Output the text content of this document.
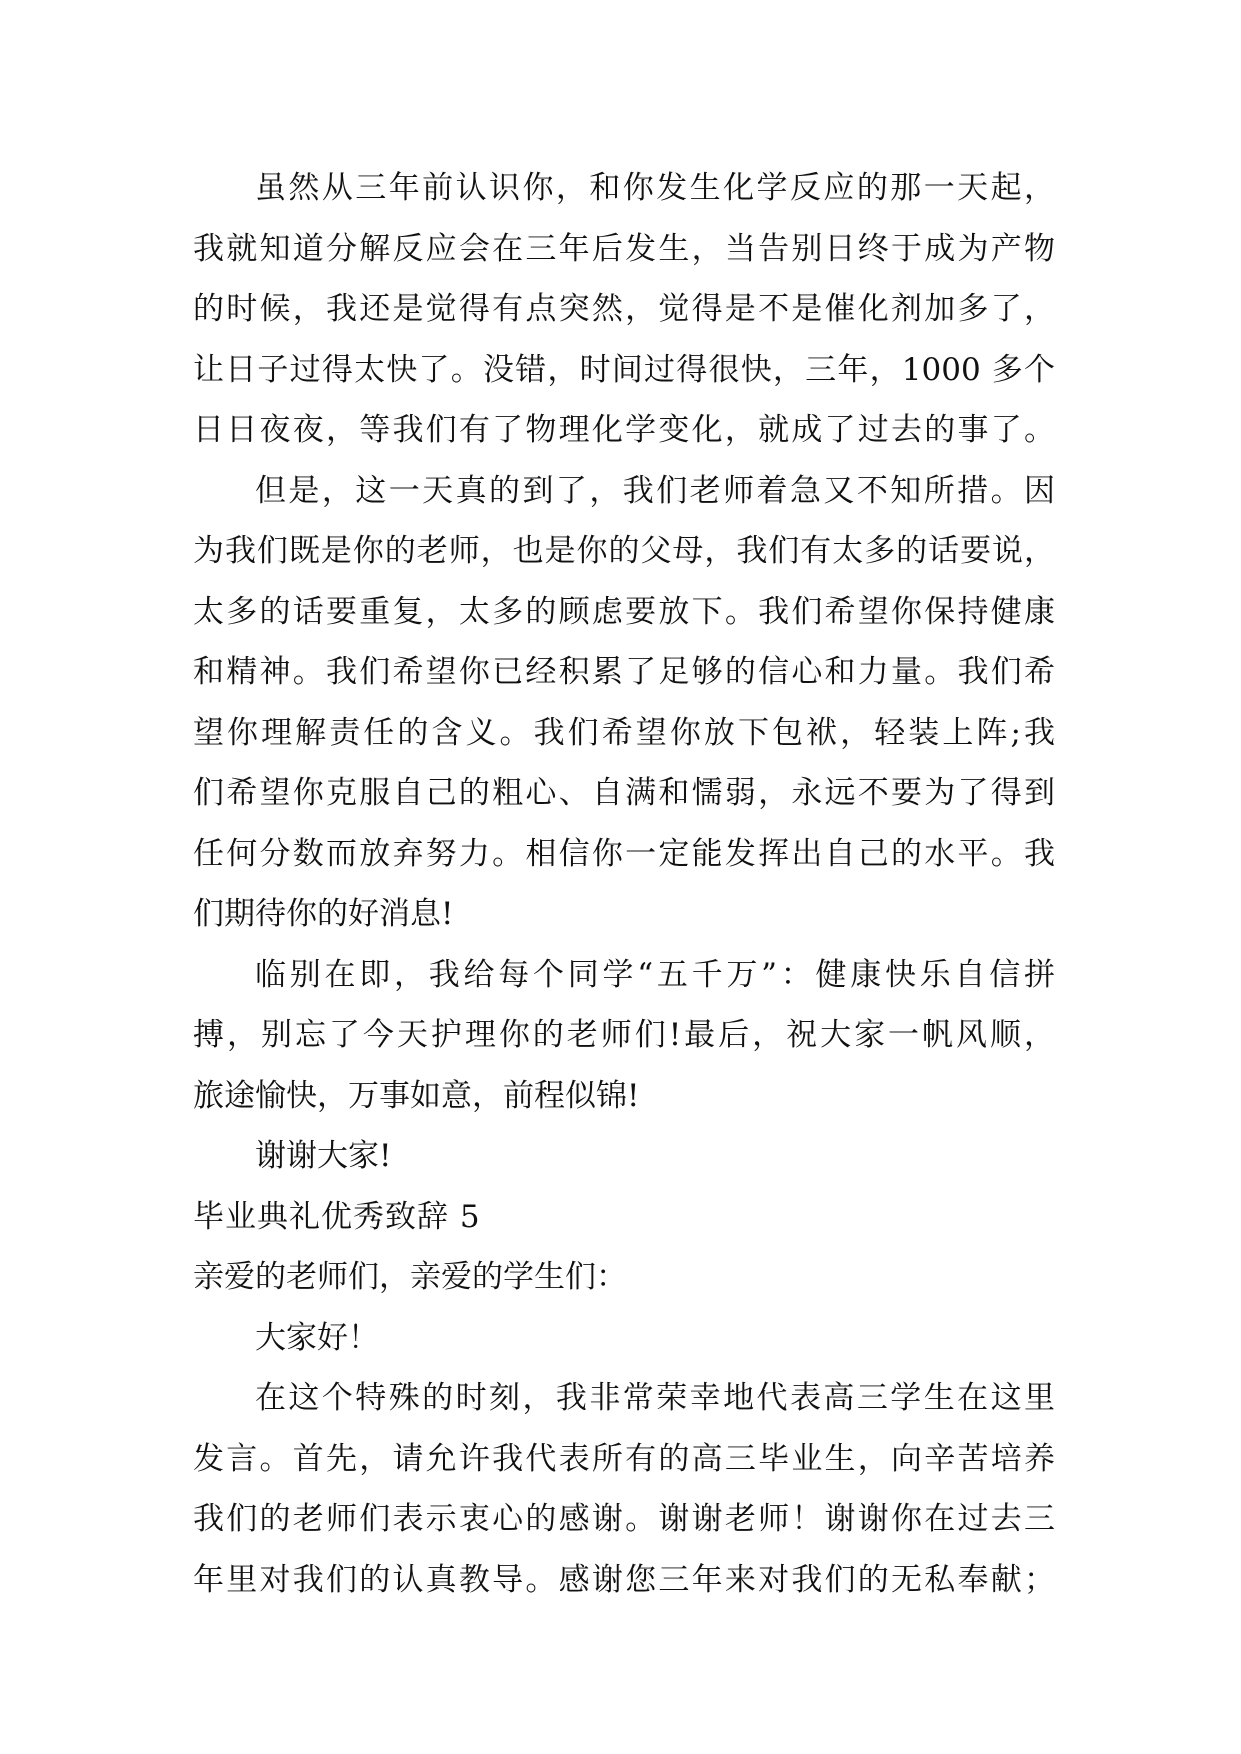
虽然从三年前认识你，和你发生化学反应的那一天起，
我就知道分解反应会在三年后发生，当告别日终于成为产物
的时候，我还是觉得有点突然，觉得是不是催化剂加多了，
让日子过得太快了。没错，时间过得很快，三年，1000 多个
日日夜夜，等我们有了物理化学变化，就成了过去的事了。
但是，这一天真的到了，我们老师着急又不知所措。因
为我们既是你的老师，也是你的父母，我们有太多的话要说，
太多的话要重复，太多的顾虑要放下。我们希望你保持健康
和精神。我们希望你已经积累了足够的信心和力量。我们希
望你理解责任的含义。我们希望你放下包袱，轻装上阵;我
们希望你克服自己的粗心、自满和懦弱，永远不要为了得到
任何分数而放弃努力。相信你一定能发挥出自己的水平。我
们期待你的好消息!
临别在即，我给每个同学“五千万”：健康快乐自信拼
搏，别忘了今天护理你的老师们!最后，祝大家一帆风顺，
旅途愉快，万事如意，前程似锦!
谢谢大家!
毕业典礼优秀致辞 5
亲爱的老师们，亲爱的学生们：
大家好！
在这个特殊的时刻，我非常荣幸地代表高三学生在这里
发言。首先，请允许我代表所有的高三毕业生，向辛苦培养
我们的老师们表示衷心的感谢。谢谢老师！谢谢你在过去三
年里对我们的认真教导。感谢您三年来对我们的无私奉献；
